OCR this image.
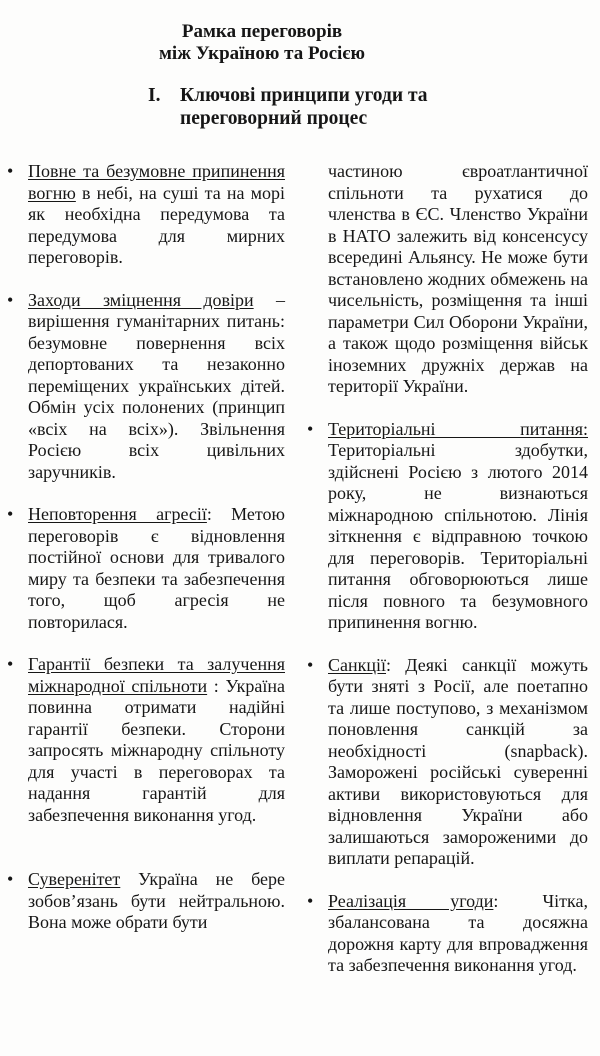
Рамка переговорів
між Україною та Росією
I.	Ключові принципи угоди та
переговорний процес
• Повне та безумовне припинення вогню в небі, на суші та на морі як необхідна передумова та передумова для мирних переговорів.

• Заходи зміцнення довіри – вирішення гуманітарних питань: безумовне повернення всіх депортованих та незаконно переміщених українських дітей. Обмін усіх полонених (принцип «всіх на всіх»). Звільнення Росією всіх цивільних заручників.

• Неповторення агресії: Метою переговорів є відновлення постійної основи для тривалого миру та безпеки та забезпечення того, щоб агресія не повторилася.

• Гарантії безпеки та залучення міжнародної спільноти : Україна повинна отримати надійні гарантії безпеки. Сторони запросять міжнародну спільноту для участі в переговорах та надання гарантій для забезпечення виконання угод.

• Суверенітет Україна не бере зобов’язань бути нейтральною. Вона може обрати бути

частиною євроатлантичної спільноти та рухатися до членства в ЄС. Членство України в НАТО залежить від консенсусу всередині Альянсу. Не може бути встановлено жодних обмежень на чисельність, розміщення та інші параметри Сил Оборони України, а також щодо розміщення військ іноземних дружніх держав на території України.

• Територіальні питання: Територіальні здобутки, здійснені Росією з лютого 2014 року, не визнаються міжнародною спільнотою. Лінія зіткнення є відправною точкою для переговорів. Територіальні питання обговорюються лише після повного та безумовного припинення вогню.

• Санкції: Деякі санкції можуть бути зняті з Росії, але поетапно та лише поступово, з механізмом поновлення санкцій за необхідності (snapback). Заморожені російські суверенні активи використовуються для відновлення України або залишаються замороженими до виплати репарацій.

• Реалізація угоди: Чітка, збалансована та досяжна дорожня карту для впровадження та забезпечення виконання угод.
